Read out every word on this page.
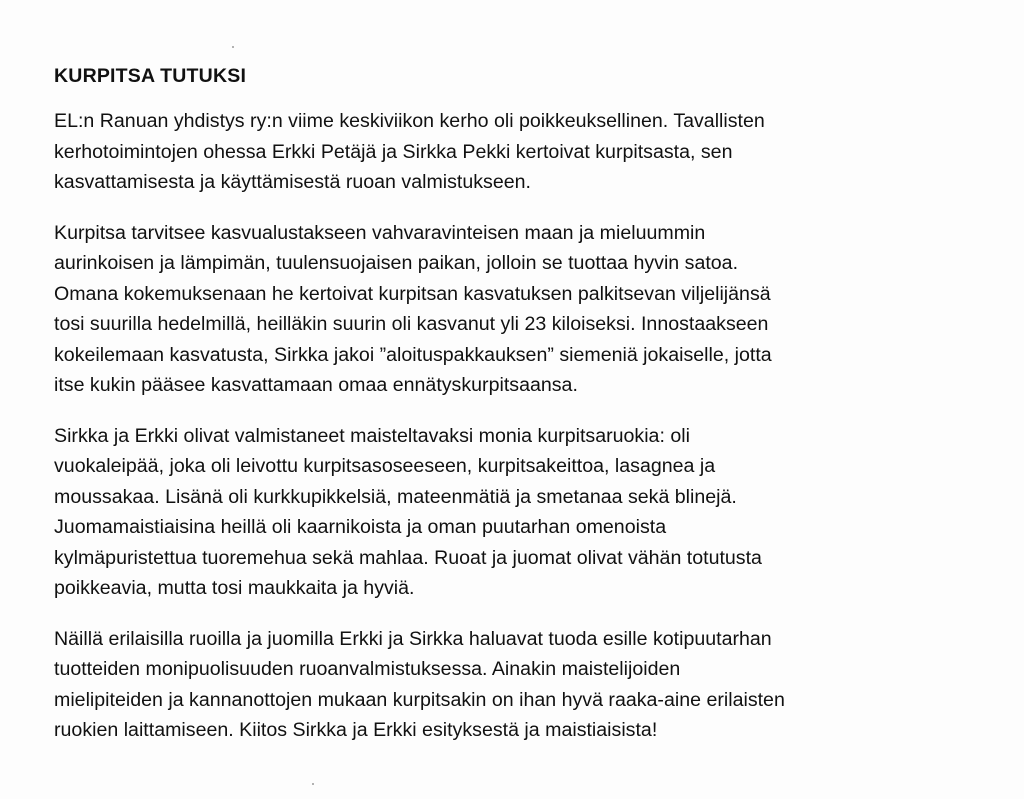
KURPITSA TUTUKSI

EL:n Ranuan yhdistys ry:n viime keskiviikon kerho oli poikkeuksellinen. Tavallisten
kerhotoimintojen ohessa Erkki Petäjä ja Sirkka Pekki kertoivat kurpitsasta, sen
kasvattamisesta ja käyttämisestä ruoan valmistukseen.

Kurpitsa tarvitsee kasvualustakseen vahvaravinteisen maan ja mieluummin
aurinkoisen ja lämpimän, tuulensuojaisen paikan, jolloin se tuottaa hyvin satoa.
Omana kokemuksenaan he kertoivat kurpitsan kasvatuksen palkitsevan viljelijänsä
tosi suurilla hedelmillä, heilläkin suurin oli kasvanut yli 23 kiloiseksi. Innostaakseen
kokeilemaan kasvatusta, Sirkka jakoi ”aloituspakkauksen” siemeniä jokaiselle, jotta
itse kukin pääsee kasvattamaan omaa ennätyskurpitsaansa.

Sirkka ja Erkki olivat valmistaneet maisteltavaksi monia kurpitsaruokia: oli
vuokaleipää, joka oli leivottu kurpitsasoseeseen, kurpitsakeittoa, lasagnea ja
moussakaa. Lisänä oli kurkkupikkelsiä, mateenmätiä ja smetanaa sekä blinejä.
Juomamaistiaisina heillä oli kaarnikoista ja oman puutarhan omenoista
kylmäpuristettua tuoremehua sekä mahlaa. Ruoat ja juomat olivat vähän totutusta
poikkeavia, mutta tosi maukkaita ja hyviä.

Näillä erilaisilla ruoilla ja juomilla Erkki ja Sirkka haluavat tuoda esille kotipuutarhan
tuotteiden monipuolisuuden ruoanvalmistuksessa. Ainakin maistelijoiden
mielipiteiden ja kannanottojen mukaan kurpitsakin on ihan hyvä raaka-aine erilaisten
ruokien laittamiseen. Kiitos Sirkka ja Erkki esityksestä ja maistiaisista!
